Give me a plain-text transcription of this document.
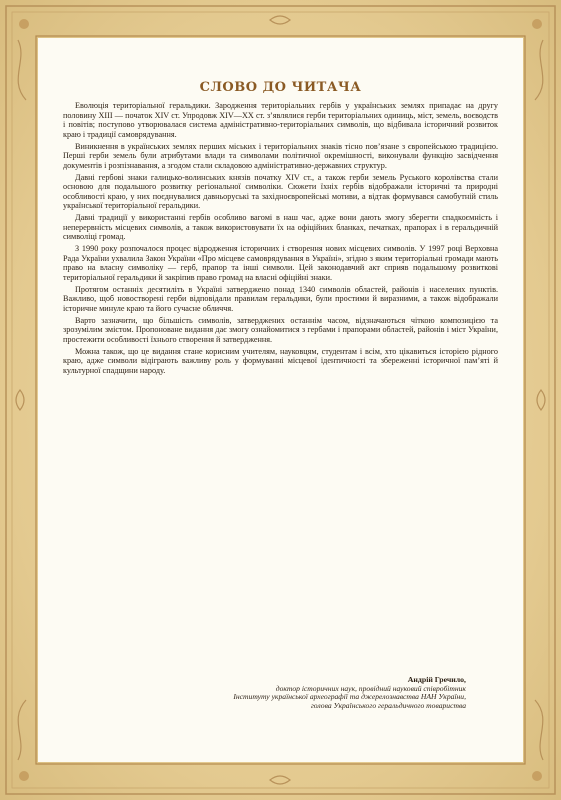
СЛОВО ДО ЧИТАЧА

Еволюція територіальної геральдики. Зародження територіальних гербів у українських землях припадає на другу половину XIII — початок XIV ст. Упродовж XIV—XX ст. з’являлися герби територіальних одиниць, міст, земель, воєводств і повітів; поступово утворювалася система адміністративно-територіальних символів, що відбивала історичний розвиток краю і традиції самоврядування.

Виникнення в українських землях перших міських і територіальних знаків тісно пов’язане з європейською традицією. Перші герби земель були атрибутами влади та символами політичної окремішності, виконували функцію засвідчення документів і розпізнавання, а згодом стали складовою адміністративно-державних структур.

Давні гербові знаки галицько-волинських князів початку XIV ст., а також герби земель Руського королівства стали основою для подальшого розвитку регіональної символіки. Сюжети їхніх гербів відображали історичні та природні особливості краю, у них поєднувалися давньоруські та західноєвропейські мотиви, а відтак формувався самобутній стиль української територіальної геральдики.

Давні традиції у використанні гербів особливо вагомі в наш час, адже вони дають змогу зберегти спадкоємність і неперервність місцевих символів, а також використовувати їх на офіційних бланках, печатках, прапорах і в геральдичній символіці громад.

З 1990 року розпочалося процес відродження історичних і створення нових місцевих символів. У 1997 році Верховна Рада України ухвалила Закон України «Про місцеве самоврядування в Україні», згідно з яким територіальні громади мають право на власну символіку — герб, прапор та інші символи. Цей законодавчий акт сприяв подальшому розвиткові територіальної геральдики й закріпив право громад на власні офіційні знаки.

Протягом останніх десятиліть в Україні затверджено понад 1340 символів областей, районів і населених пунктів. Важливо, щоб новостворені герби відповідали правилам геральдики, були простими й виразними, а також відображали історичне минуле краю та його сучасне обличчя.

Варто зазначити, що більшість символів, затверджених останнім часом, відзначаються чіткою композицією та зрозумілим змістом. Пропоноване видання дає змогу ознайомитися з гербами і прапорами областей, районів і міст України, простежити особливості їхнього створення й затвердження.

Можна також, що це видання стане корисним учителям, науковцям, студентам і всім, хто цікавиться історією рідного краю, адже символи відіграють важливу роль у формуванні місцевої ідентичності та збереженні історичної пам’яті й культурної спадщини народу.

Андрій Гречило,
доктор історичних наук, провідний науковий співробітник
Інституту української археографії та джерелознавства НАН України,
голова Українського геральдичного товариства
